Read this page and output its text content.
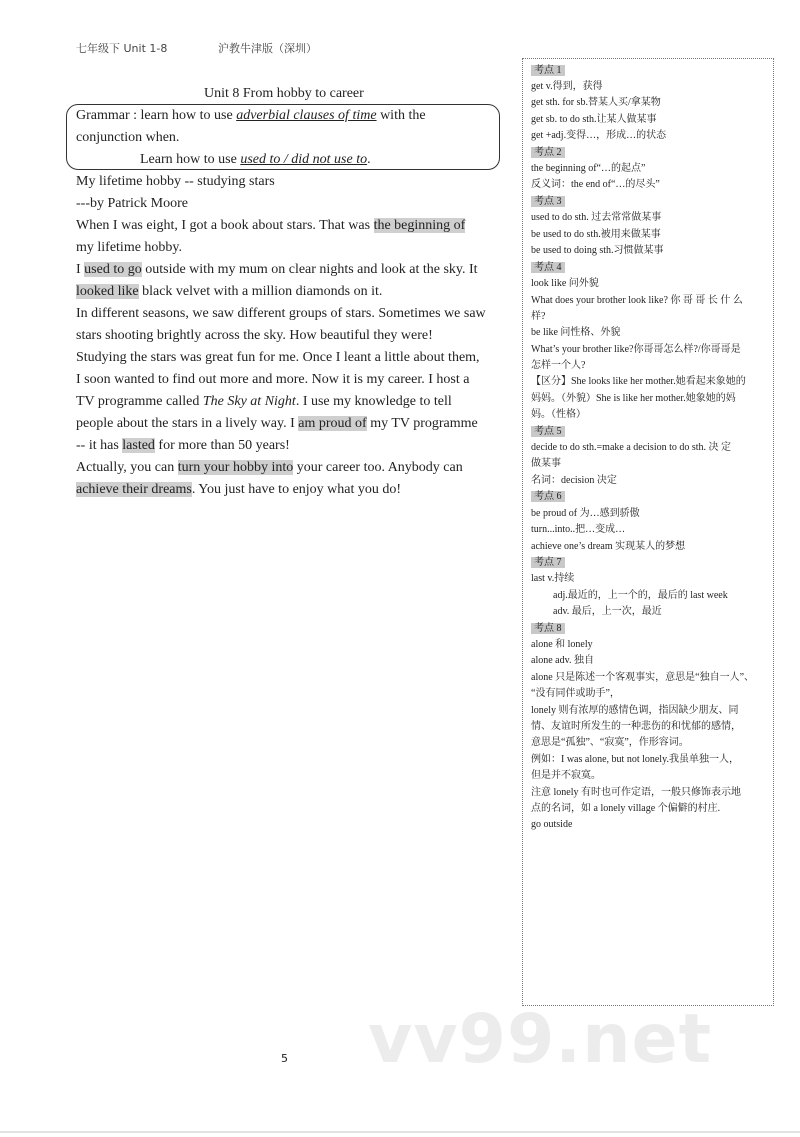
七年级下 Unit 1-8	沪教牛津版（深圳）
Unit 8 From hobby to career
Grammar : learn how to use adverbial clauses of time with the
conjunction when.
Learn how to use used to / did not use to.
My lifetime hobby -- studying stars
---by Patrick Moore
When I was eight, I got a book about stars. That was the beginning of
my lifetime hobby.
I used to go outside with my mum on clear nights and look at the sky. It
looked like black velvet with a million diamonds on it.
In different seasons, we saw different groups of stars. Sometimes we saw
stars shooting brightly across the sky. How beautiful they were!
Studying the stars was great fun for me. Once I leant a little about them,
I soon wanted to find out more and more. Now it is my career. I host a
TV programme called The Sky at Night. I use my knowledge to tell
people about the stars in a lively way. I am proud of my TV programme
-- it has lasted for more than 50 years!
Actually, you can turn your hobby into your career too. Anybody can
achieve their dreams. You just have to enjoy what you do!
考点 1
get v.得到，获得
get sth. for sb.替某人买/拿某物
get sb. to do sth.让某人做某事
get +adj.变得…，形成…的状态
考点 2
the beginning of“…的起点”
反义词：the end of“…的尽头”
考点 3
used to do sth. 过去常常做某事
be used to do sth.被用来做某事
be used to doing sth.习惯做某事
考点 4
look like 问外貌
What does your brother look like? 你 哥 哥 长 什 么
样?
be like 问性格、外貌
What’s your brother like?你哥哥怎么样?/你哥哥是
怎样一个人?
【区分】She looks like her mother.她看起来象她的
妈妈。（外貌）She is like her mother.她象她的妈
妈。（性格）
考点 5
decide to do sth.=make a decision to do sth. 决 定
做某事
名词：decision 决定
考点 6
be proud of 为…感到骄傲
turn...into..把…变成…
achieve one’s dream 实现某人的梦想
考点 7
last v.持续
adj.最近的，上一个的，最后的 last week
adv. 最后，上一次，最近
考点 8
alone 和 lonely
alone adv. 独自
alone 只是陈述一个客观事实，意思是“独自一人”、
“没有同伴或助手”，
lonely 则有浓厚的感情色调，指因缺少朋友、同
情、友谊时所发生的一种悲伤的和忧郁的感情，
意思是“孤独”、“寂寞”，作形容词。
例如：I was alone, but not lonely.我虽单独一人，
但是并不寂寞。
注意 lonely 有时也可作定语，一般只修饰表示地
点的名词，如 a lonely village 个偏僻的村庄.
go outside
vv99.net
5
